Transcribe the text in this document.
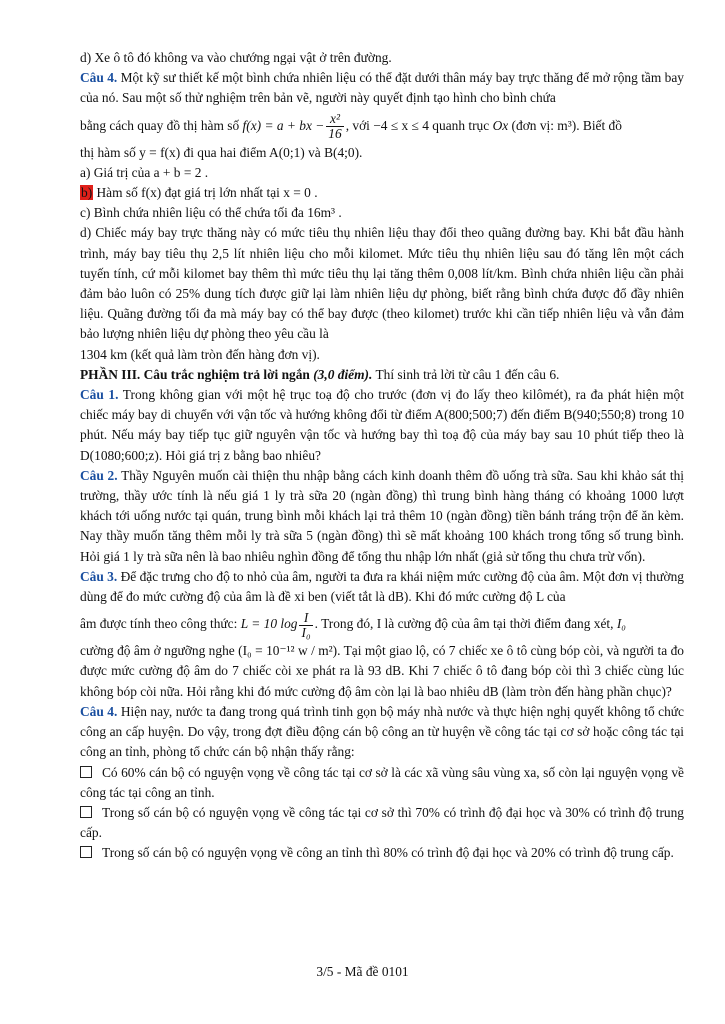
d) Xe ô tô đó không va vào chướng ngại vật ở trên đường.

Câu 4. Một kỹ sư thiết kế một bình chứa nhiên liệu có thể đặt dưới thân máy bay trực thăng để mở rộng tầm bay của nó. Sau một số thử nghiệm trên bản vẽ, người này quyết định tạo hình cho bình chứa

bằng cách quay đồ thị hàm số f(x) = a + bx − $\frac{\text{x²}}{16}$ , với −4 ≤ x ≤ 4 quanh trục Ox (đơn vị: m³). Biết đồ

thị hàm số y = f(x) đi qua hai điểm A(0;1) và B(4;0).

a) Giá trị của a + b = 2 .

b) Hàm số f(x) đạt giá trị lớn nhất tại x = 0 .

c) Bình chứa nhiên liệu có thể chứa tối đa 16m³ .

d) Chiếc máy bay trực thăng này có mức tiêu thụ nhiên liệu thay đổi theo quãng đường bay. Khi bắt đầu hành trình, máy bay tiêu thụ 2,5 lít nhiên liệu cho mỗi kilomet. Mức tiêu thụ nhiên liệu sau đó tăng lên một cách tuyến tính, cứ mỗi kilomet bay thêm thì mức tiêu thụ lại tăng thêm 0,008 lít/km. Bình chứa nhiên liệu cần phải đảm bảo luôn có 25% dung tích được giữ lại làm nhiên liệu dự phòng, biết rằng bình chứa được đổ đầy nhiên liệu. Quãng đường tối đa mà máy bay có thể bay được (theo kilomet) trước khi cần tiếp nhiên liệu và vẫn đảm bảo lượng nhiên liệu dự phòng theo yêu cầu là
1304 km (kết quả làm tròn đến hàng đơn vị).

PHẦN III. Câu trắc nghiệm trả lời ngắn (3,0 điểm). Thí sinh trả lời từ câu 1 đến câu 6.

Câu 1. Trong không gian với một hệ trục toạ độ cho trước (đơn vị đo lấy theo kilômét), ra đa phát hiện một chiếc máy bay di chuyển với vận tốc và hướng không đổi từ điểm A(800;500;7) đến điểm B(940;550;8) trong 10 phút. Nếu máy bay tiếp tục giữ nguyên vận tốc và hướng bay thì toạ độ của máy bay sau 10 phút tiếp theo là D(1080;600;z). Hỏi giá trị z bằng bao nhiêu?

Câu 2. Thầy Nguyên muốn cài thiện thu nhập bằng cách kinh doanh thêm đồ uống trà sữa. Sau khi khảo sát thị trường, thầy ước tính là nếu giá 1 ly trà sữa 20 (ngàn đồng) thì trung bình hàng tháng có khoảng 1000 lượt khách tới uống nước tại quán, trung bình mỗi khách lại trả thêm 10 (ngàn đồng) tiền bánh tráng trộn để ăn kèm. Nay thầy muốn tăng thêm mỗi ly trà sữa 5 (ngàn đồng) thì sẽ mất khoảng 100 khách trong tổng số trung bình. Hỏi giá 1 ly trà sữa nên là bao nhiêu nghìn đồng để tổng thu nhập lớn nhất (giả sử tổng thu chưa trừ vốn).

Câu 3. Để đặc trưng cho độ to nhỏ của âm, người ta đưa ra khái niệm mức cường độ của âm. Một đơn vị thường dùng để đo mức cường độ của âm là đề xi ben (viết tắt là dB). Khi đó mức cường độ L của

âm được tính theo công thức: L = 10 $\log \frac{I}{\text{I₀}}$ . Trong đó, I là cường độ của âm tại thời điểm đang xét, I₀

cường độ âm ở ngưỡng nghe (I₀ = 10⁻¹² w / m²). Tại một giao lộ, có 7 chiếc xe ô tô cùng bóp còi, và người ta đo được mức cường độ âm do 7 chiếc còi xe phát ra là 93 dB. Khi 7 chiếc ô tô đang bóp còi thì 3 chiếc cùng lúc không bóp còi nữa. Hỏi rằng khi đó mức cường độ âm còn lại là bao nhiêu dB (làm tròn đến hàng phần chục)?

Câu 4. Hiện nay, nước ta đang trong quá trình tinh gọn bộ máy nhà nước và thực hiện nghị quyết không tổ chức công an cấp huyện. Do vậy, trong đợt điều động cán bộ công an từ huyện về công tác tại cơ sở hoặc công tác tại công an tỉnh, phòng tổ chức cán bộ nhận thấy rằng:

Có 60% cán bộ có nguyện vọng về công tác tại cơ sở là các xã vùng sâu vùng xa, số còn lại nguyện vọng về công tác tại công an tỉnh.

Trong số cán bộ có nguyện vọng về công tác tại cơ sở thì 70% có trình độ đại học và 30% có trình độ trung cấp.

Trong số cán bộ có nguyện vọng về công an tỉnh thì 80% có trình độ đại học và 20% có trình độ trung cấp.

3/5 - Mã đề 0101
